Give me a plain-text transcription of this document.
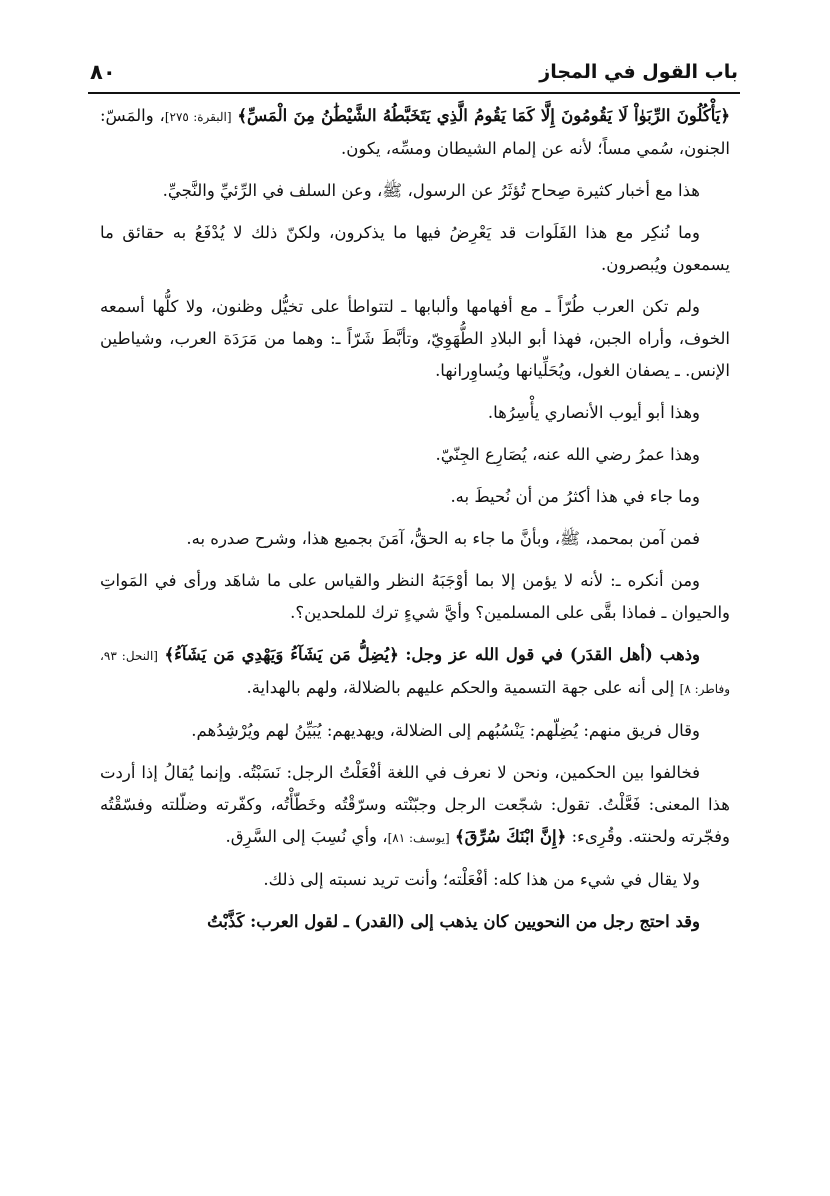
باب القول في المجاز
٨٠

﴿يَأْكُلُونَ الرِّبَوٰاْ لَا يَقُومُونَ إِلَّا كَمَا يَقُومُ الَّذِي يَتَخَبَّطُهُ الشَّيْطَٰنُ مِنَ الْمَسِّ﴾ [البقرة: ٢٧٥]، والمَسّ: الجنون، سُمي مساً؛ لأنه عن إلمام الشيطان ومسِّه، يكون.

هذا مع أخبار كثيرة صِحاح تُؤثَرُ عن الرسول، ﷺ، وعن السلف في الرِّئيِّ والنَّجيِّ.

وما نُنكِر مع هذا الفَلَوات قد يَعْرِضُ فيها ما يذكرون، ولكنّ ذلك لا يُدْفَعُ به حقائق ما يسمعون ويُبصرون.

ولم تكن العرب طُرّاً ـ مع أفهامها وألبابها ـ لتتواطأ على تخيُّل وظنون، ولا كلُّها أسمعه الخوف، وأراه الجبن، فهذا أبو البلادِ الطُّهَوِيّ، وتأبَّطَ شَرّاً ـ: وهما من مَرَدَة العرب، وشياطين الإنس. ـ يصفان الغول، ويُحَلِّيانها ويُساوِرانها.

وهذا أبو أيوب الأنصاري يأْسِرُها.

وهذا عمرُ رضي الله عنه، يُصَارِع الجِنّيّ.

وما جاء في هذا أكثرُ من أن نُحيطَ به.

فمن آمن بمحمد، ﷺ، وبأنَّ ما جاء به الحقُّ، آمَنَ بجميع هذا، وشرح صدره به.

ومن أنكره ـ: لأنه لا يؤمن إلا بما أوْجَبَهُ النظر والقياس على ما شاهَد ورأى في المَواتِ والحيوان ـ فماذا بقَّى على المسلمين؟ وأيَّ شيءٍ ترك للملحدين؟.

وذهب (أهل القدَر) في قول الله عز وجل: ﴿يُضِلُّ مَن يَشَآءُ وَيَهْدِي مَن يَشَآءُ﴾ [النحل: ٩٣، وفاطر: ٨] إلى أنه على جهة التسمية والحكم عليهم بالضلالة، ولهم بالهداية.

وقال فريق منهم: يُضِلّهم: يَنْسُبُهم إلى الضلالة، ويهديهم: يُبَيِّنُ لهم ويُرْشِدُهم.

فخالفوا بين الحكمين، ونحن لا نعرف في اللغة أفْعَلْتُ الرجل: نَسَبْتُه. وإنما يُقالُ إذا أردت هذا المعنى: فَعَّلْتُ. تقول: شجّعت الرجل وجبّنْته وسرّقْتُه وخَطّأْتُه، وكفّرته وضلّلته وفسّقْتُه وفجّرته ولحنته. وقُرِىء: ﴿إِنَّ ابْنَكَ سُرِّقَ﴾ [يوسف: ٨١]، وأي نُسِبَ إلى السَّرِق.

ولا يقال في شيء من هذا كله: أفْعَلْته؛ وأنت تريد نسبته إلى ذلك.

وقد احتج رجل من النحويين كان يذهب إلى (القدر) ـ لقول العرب: كَذَّبْتُ
